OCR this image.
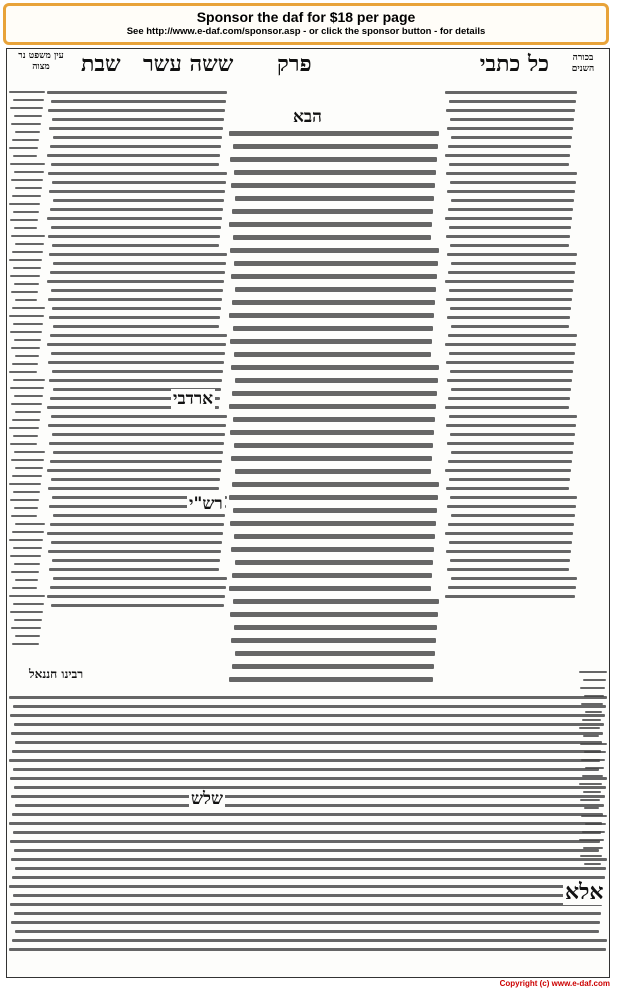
Sponsor the daf for $18 per page
See http://www.e-daf.com/sponsor.asp - or click the sponsor button - for details
בכורה השנים
כל כתבי
פרק
ששה עשר
שבת
עין משפט נר מצוה
הבא
ארדבי
רש"י
שלש
אלא
רבינו חננאל
Copyright (c) www.e-daf.com
